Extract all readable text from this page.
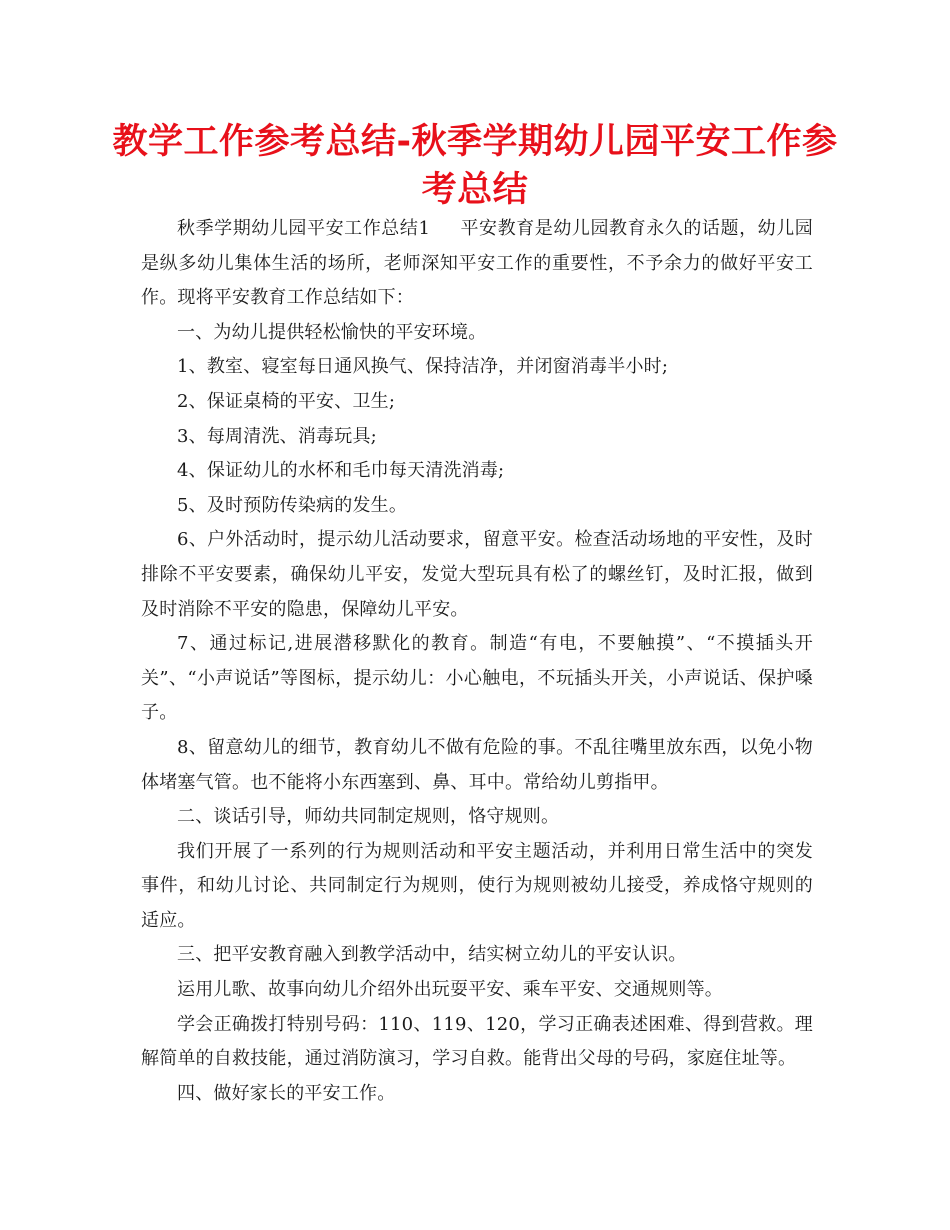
教学工作参考总结-秋季学期幼儿园平安工作参考总结

秋季学期幼儿园平安工作总结1 平安教育是幼儿园教育永久的话题，幼儿园是纵多幼儿集体生活的场所，老师深知平安工作的重要性，不予余力的做好平安工作。现将平安教育工作总结如下：

一、为幼儿提供轻松愉快的平安环境。

1、教室、寝室每日通风换气、保持洁净，并闭窗消毒半小时;

2、保证桌椅的平安、卫生;

3、每周清洗、消毒玩具;

4、保证幼儿的水杯和毛巾每天清洗消毒;

5、及时预防传染病的发生。

6、户外活动时，提示幼儿活动要求，留意平安。检查活动场地的平安性，及时排除不平安要素，确保幼儿平安，发觉大型玩具有松了的螺丝钉，及时汇报，做到及时消除不平安的隐患，保障幼儿平安。

7、通过标记,进展潜移默化的教育。制造“有电，不要触摸”、“不摸插头开关”、“小声说话”等图标，提示幼儿：小心触电，不玩插头开关，小声说话、保护嗓子。

8、留意幼儿的细节，教育幼儿不做有危险的事。不乱往嘴里放东西，以免小物体堵塞气管。也不能将小东西塞到、鼻、耳中。常给幼儿剪指甲。

二、谈话引导，师幼共同制定规则，恪守规则。

我们开展了一系列的行为规则活动和平安主题活动，并利用日常生活中的突发事件，和幼儿讨论、共同制定行为规则，使行为规则被幼儿接受，养成恪守规则的适应。

三、把平安教育融入到教学活动中，结实树立幼儿的平安认识。

运用儿歌、故事向幼儿介绍外出玩耍平安、乘车平安、交通规则等。

学会正确拨打特别号码：110、119、120，学习正确表述困难、得到营救。理解简单的自救技能，通过消防演习，学习自救。能背出父母的号码，家庭住址等。

四、做好家长的平安工作。
